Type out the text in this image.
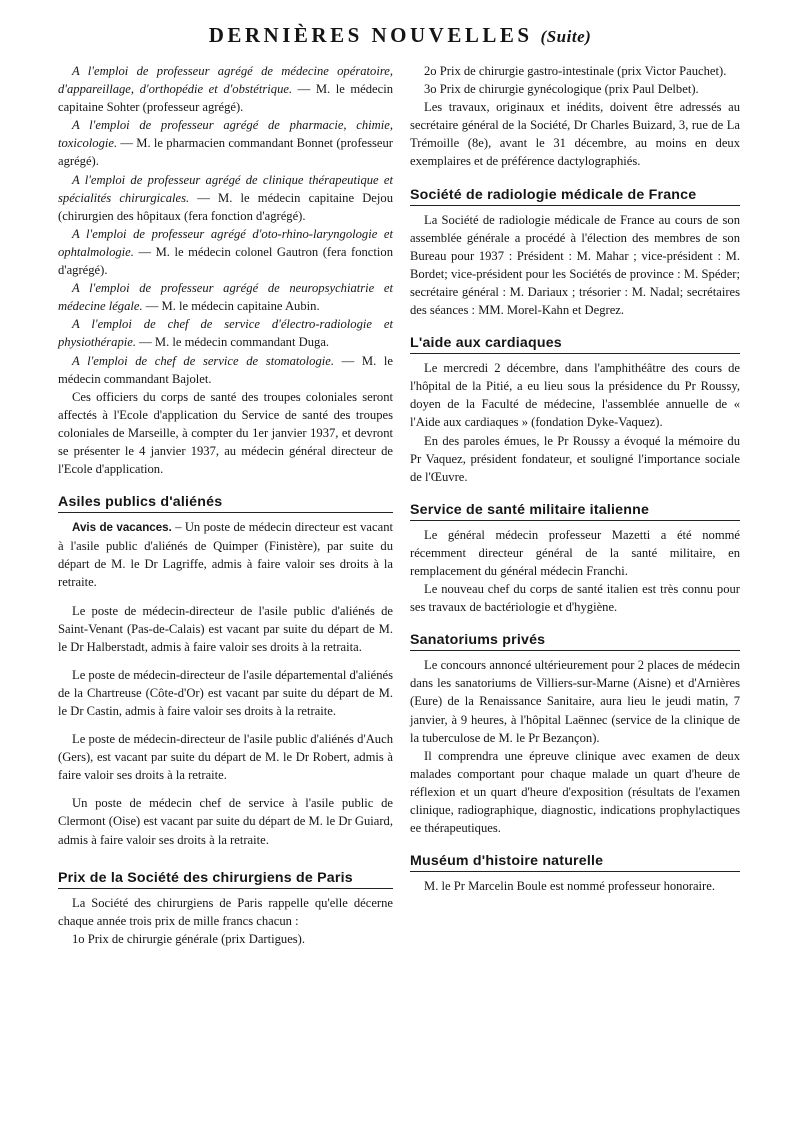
DERNIÈRES NOUVELLES (Suite)

A l'emploi de professeur agrégé de médecine opératoire, d'appareillage, d'orthopédie et d'obstétrique. — M. le médecin capitaine Sohter (professeur agrégé).

A l'emploi de professeur agrégé de pharmacie, chimie, toxicologie. — M. le pharmacien commandant Bonnet (professeur agrégé).

A l'emploi de professeur agrégé de clinique thérapeutique et spécialités chirurgicales. — M. le médecin capitaine Dejou (chirurgien des hôpitaux (fera fonction d'agrégé).

A l'emploi de professeur agrégé d'oto-rhino-laryngologie et ophtalmologie. — M. le médecin colonel Gautron (fera fonction d'agrégé).

A l'emploi de professeur agrégé de neuropsychiatrie et médecine légale. — M. le médecin capitaine Aubin.

A l'emploi de chef de service d'électro-radiologie et physiothérapie. — M. le médecin commandant Duga.

A l'emploi de chef de service de stomatologie. — M. le médecin commandant Bajolet.

Ces officiers du corps de santé des troupes coloniales seront affectés à l'Ecole d'application du Service de santé des troupes coloniales de Marseille, à compter du 1er janvier 1937, et devront se présenter le 4 janvier 1937, au médecin général directeur de l'Ecole d'application.

Asiles publics d'aliénés

Avis de vacances. – Un poste de médecin directeur est vacant à l'asile public d'aliénés de Quimper (Finistère), par suite du départ de M. le Dr Lagriffe, admis à faire valoir ses droits à la retraite.

Le poste de médecin-directeur de l'asile public d'aliénés de Saint-Venant (Pas-de-Calais) est vacant par suite du départ de M. le Dr Halberstadt, admis à faire valoir ses droits à la retraita.

Le poste de médecin-directeur de l'asile départemental d'aliénés de la Chartreuse (Côte-d'Or) est vacant par suite du départ de M. le Dr Castin, admis à faire valoir ses droits à la retraite.

Le poste de médecin-directeur de l'asile public d'aliénés d'Auch (Gers), est vacant par suite du départ de M. le Dr Robert, admis à faire valoir ses droits à la retraite.

Un poste de médecin chef de service à l'asile public de Clermont (Oise) est vacant par suite du départ de M. le Dr Guiard, admis à faire valoir ses droits à la retraite.

Prix de la Société des chirurgiens de Paris

La Société des chirurgiens de Paris rappelle qu'elle décerne chaque année trois prix de mille francs chacun :

1o Prix de chirurgie générale (prix Dartigues).

2o Prix de chirurgie gastro-intestinale (prix Victor Pauchet).

3o Prix de chirurgie gynécologique (prix Paul Delbet).

Les travaux, originaux et inédits, doivent être adressés au secrétaire général de la Société, Dr Charles Buizard, 3, rue de La Trémoille (8e), avant le 31 décembre, au moins en deux exemplaires et de préférence dactylographiés.

Société de radiologie médicale de France

La Société de radiologie médicale de France au cours de son assemblée générale a procédé à l'élection des membres de son Bureau pour 1937 : Président : M. Mahar ; vice-président : M. Bordet; vice-président pour les Sociétés de province : M. Spéder; secrétaire général : M. Dariaux ; trésorier : M. Nadal; secrétaires des séances : MM. Morel-Kahn et Degrez.

L'aide aux cardiaques

Le mercredi 2 décembre, dans l'amphithéâtre des cours de l'hôpital de la Pitié, a eu lieu sous la présidence du Pr Roussy, doyen de la Faculté de médecine, l'assemblée annuelle de « l'Aide aux cardiaques » (fondation Dyke-Vaquez).

En des paroles émues, le Pr Roussy a évoqué la mémoire du Pr Vaquez, président fondateur, et souligné l'importance sociale de l'Œuvre.

Service de santé militaire italienne

Le général médecin professeur Mazetti a été nommé récemment directeur général de la santé militaire, en remplacement du général médecin Franchi.

Le nouveau chef du corps de santé italien est très connu pour ses travaux de bactériologie et d'hygiène.

Sanatoriums privés

Le concours annoncé ultérieurement pour 2 places de médecin dans les sanatoriums de Villiers-sur-Marne (Aisne) et d'Arnières (Eure) de la Renaissance Sanitaire, aura lieu le jeudi matin, 7 janvier, à 9 heures, à l'hôpital Laënnec (service de la clinique de la tuberculose de M. le Pr Bezançon).

Il comprendra une épreuve clinique avec examen de deux malades comportant pour chaque malade un quart d'heure de réflexion et un quart d'heure d'exposition (résultats de l'examen clinique, radiographique, diagnostic, indications prophylactiques ee thérapeutiques.

Muséum d'histoire naturelle

M. le Pr Marcelin Boule est nommé professeur honoraire.
